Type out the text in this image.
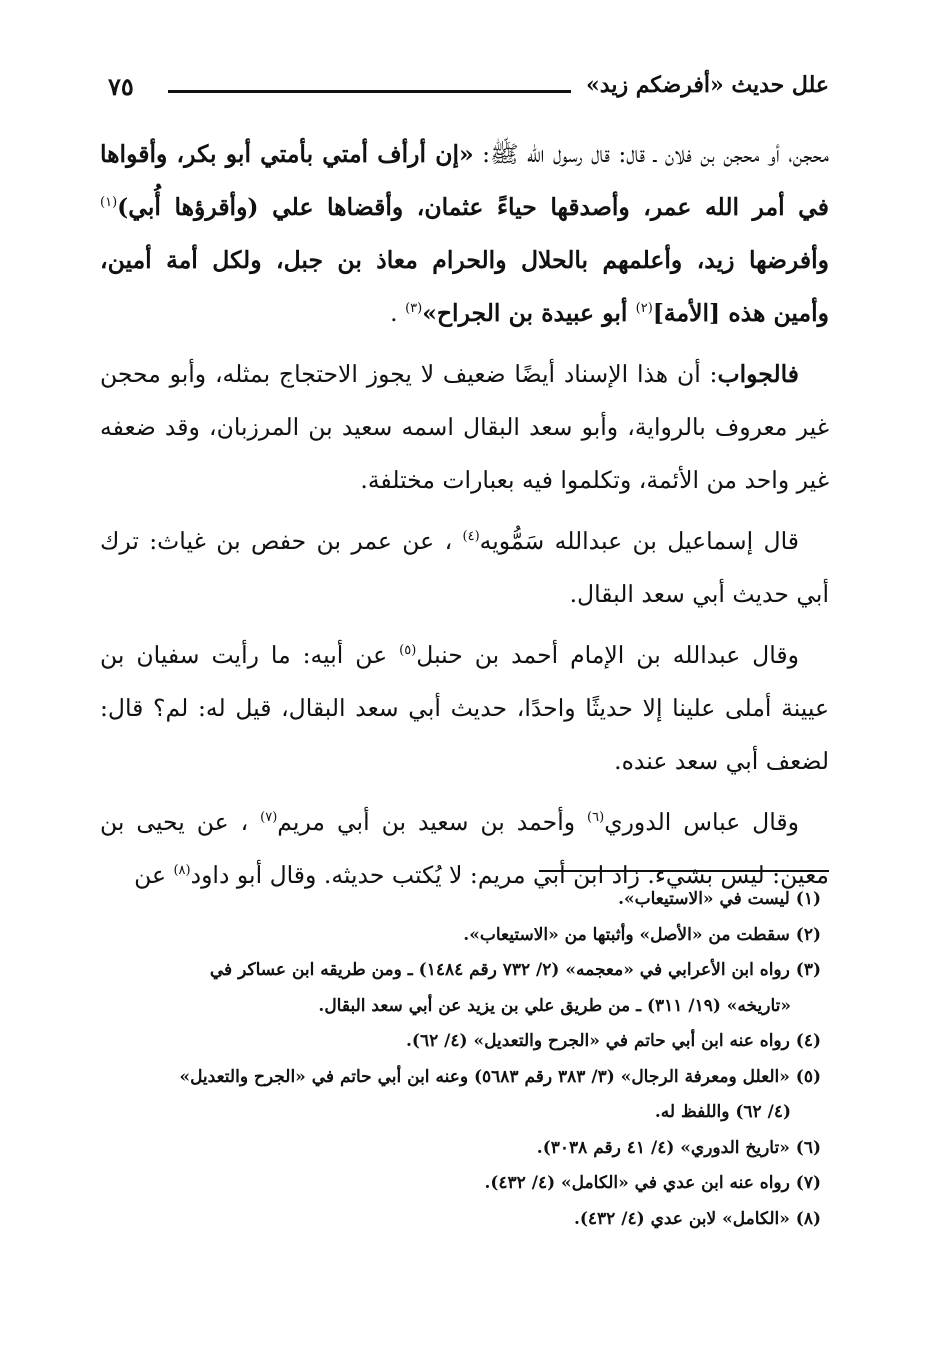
٧٥	علل حديث «أفرضكم زيد»

محجن، أو محجن بن فلان ـ قال: قال رسول الله ﷺ: «إن أرأف أمتي بأمتي أبو بكر، وأقواها في أمر الله عمر، وأصدقها حياءً عثمان، وأقضاها علي (وأقرؤها أُبي)$^{(١)}$ وأفرضها زيد، وأعلمهم بالحلال والحرام معاذ بن جبل، ولكل أمة أمين، وأمين هذه [الأمة]$^{(٢)}$ أبو عبيدة بن الجراح»$^{(٣)}$ .

فالجواب: أن هذا الإسناد أيضًا ضعيف لا يجوز الاحتجاج بمثله، وأبو محجن غير معروف بالرواية، وأبو سعد البقال اسمه سعيد بن المرزبان، وقد ضعفه غير واحد من الأئمة، وتكلموا فيه بعبارات مختلفة.

قال إسماعيل بن عبدالله سَمُّويه$^{(٤)}$ ، عن عمر بن حفص بن غياث: ترك أبي حديث أبي سعد البقال.

وقال عبدالله بن الإمام أحمد بن حنبل$^{(٥)}$ عن أبيه: ما رأيت سفيان بن عيينة أملى علينا إلا حديثًا واحدًا، حديث أبي سعد البقال، قيل له: لم؟ قال: لضعف أبي سعد عنده.

وقال عباس الدوري$^{(٦)}$ وأحمد بن سعيد بن أبي مريم$^{(٧)}$ ، عن يحيى بن معين: ليس بشيء. زاد ابن أبي مريم: لا يُكتب حديثه. وقال أبو داود$^{(٨)}$ عن

(١) ليست في «الاستيعاب».

(٢) سقطت من «الأصل» وأثبتها من «الاستيعاب».

(٣) رواه ابن الأعرابي في «معجمه» (٢/ ٧٣٢ رقم ١٤٨٤) ـ ومن طريقه ابن عساكر في

«تاريخه» (١٩/ ٣١١) ـ من طريق علي بن يزيد عن أبي سعد البقال.

(٤) رواه عنه ابن أبي حاتم في «الجرح والتعديل» (٤/ ٦٢).

(٥) «العلل ومعرفة الرجال» (٣/ ٣٨٣ رقم ٥٦٨٣) وعنه ابن أبي حاتم في «الجرح والتعديل»

(٤/ ٦٢) واللفظ له.

(٦) «تاريخ الدوري» (٤/ ٤١ رقم ٣٠٣٨).

(٧) رواه عنه ابن عدي في «الكامل» (٤/ ٤٣٢).

(٨) «الكامل» لابن عدي (٤/ ٤٣٢).
